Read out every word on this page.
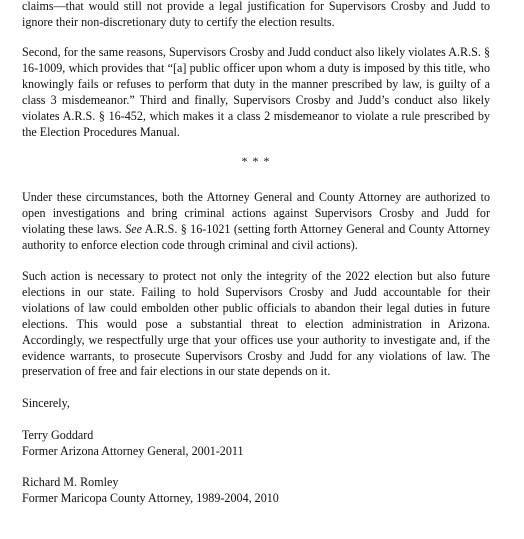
claims—that would still not provide a legal justification for Supervisors Crosby and Judd to ignore their non-discretionary duty to certify the election results.

Second, for the same reasons, Supervisors Crosby and Judd conduct also likely violates A.R.S. § 16-1009, which provides that “[a] public officer upon whom a duty is imposed by this title, who knowingly fails or refuses to perform that duty in the manner prescribed by law, is guilty of a class 3 misdemeanor.” Third and finally, Supervisors Crosby and Judd’s conduct also likely violates A.R.S. § 16-452, which makes it a class 2 misdemeanor to violate a rule prescribed by the Election Procedures Manual.

* * *

Under these circumstances, both the Attorney General and County Attorney are authorized to open investigations and bring criminal actions against Supervisors Crosby and Judd for violating these laws. See A.R.S. § 16-1021 (setting forth Attorney General and County Attorney authority to enforce election code through criminal and civil actions).

Such action is necessary to protect not only the integrity of the 2022 election but also future elections in our state. Failing to hold Supervisors Crosby and Judd accountable for their violations of law could embolden other public officials to abandon their legal duties in future elections. This would pose a substantial threat to election administration in Arizona. Accordingly, we respectfully urge that your offices use your authority to investigate and, if the evidence warrants, to prosecute Supervisors Crosby and Judd for any violations of law. The preservation of free and fair elections in our state depends on it.

Sincerely,

Terry Goddard

Former Arizona Attorney General, 2001-2011

Richard M. Romley

Former Maricopa County Attorney, 1989-2004, 2010
